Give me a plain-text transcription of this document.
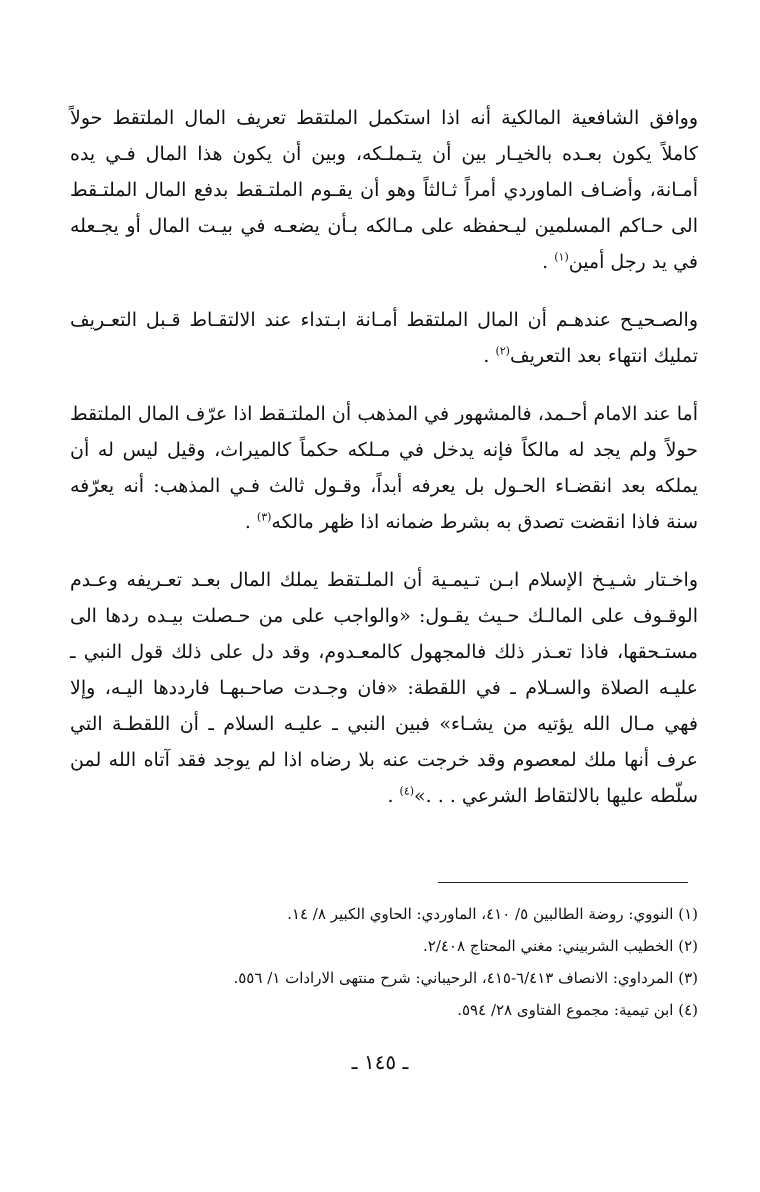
ووافق الشافعية المالكية أنه اذا استكمل الملتقط تعريف المال الملتقط حولاً كاملاً يكون بعـده بالخيـار بين أن يتـملـكه، وبين أن يكون هذا المال فـي يده أمـانة، وأضـاف الماوردي أمراً ثـالثاً وهو أن يقـوم الملتـقط بدفع المال الملتـقط الى حـاكم المسلمين ليـحفظه على مـالكه بـأن يضعـه في بيـت المال أو يجـعله في يد رجل أمين$^{(١)}$ .

والصـحيـح عندهـم أن المال الملتقط أمـانة ابـتداء عند الالتقـاط قـبل التعـريف تمليك انتهاء بعد التعريف$^{(٢)}$ .

أما عند الامام أحـمد، فالمشهور في المذهب أن الملتـقط اذا عرّف المال الملتقط حولاً ولم يجد له مالكاً فإنه يدخل في مـلكه حكماً كالميراث، وقيل ليس له أن يملكه بعد انقضـاء الحـول بل يعرفه أبداً، وقـول ثالث فـي المذهب: أنه يعرّفه سنة فاذا انقضت تصدق به بشرط ضمانه اذا ظهر مالكه$^{(٣)}$ .

واخـتار شـيـخ الإسلام ابـن تـيمـية أن الملـتقط يملك المال بعـد تعـريفه وعـدم الوقـوف على المالـك حـيث يقـول: «والواجب على من حـصلت بيـده ردها الى مستـحقها، فاذا تعـذر ذلك فالمجهول كالمعـدوم، وقد دل على ذلك قول النبي ـ عليـه الصلاة والسـلام ـ في اللقطة: «فان وجـدت صاحـبهـا فارددها اليـه، وإلا فهي مـال الله يؤتيه من يشـاء» فبين النبي ـ عليـه السلام ـ أن اللقطـة التي عرف أنها ملك لمعصوم وقد خرجت عنه بلا رضاه اذا لم يوجد فقد آتاه الله لمن سلّطه عليها بالالتقاط الشرعي . . .»$^{(٤)}$ .

(١) النووي: روضة الطالبين ٥/ ٤١٠، الماوردي: الحاوي الكبير ٨/ ١٤.

(٢) الخطيب الشربيني: مغني المحتاج ٢/٤٠٨.

(٣) المرداوي: الانصاف ٦/٤١٣-٤١٥، الرحيباني: شرح منتهى الارادات ١/ ٥٥٦.

(٤) ابن تيمية: مجموع الفتاوى ٢٨/ ٥٩٤.

ـ ١٤٥ ـ
